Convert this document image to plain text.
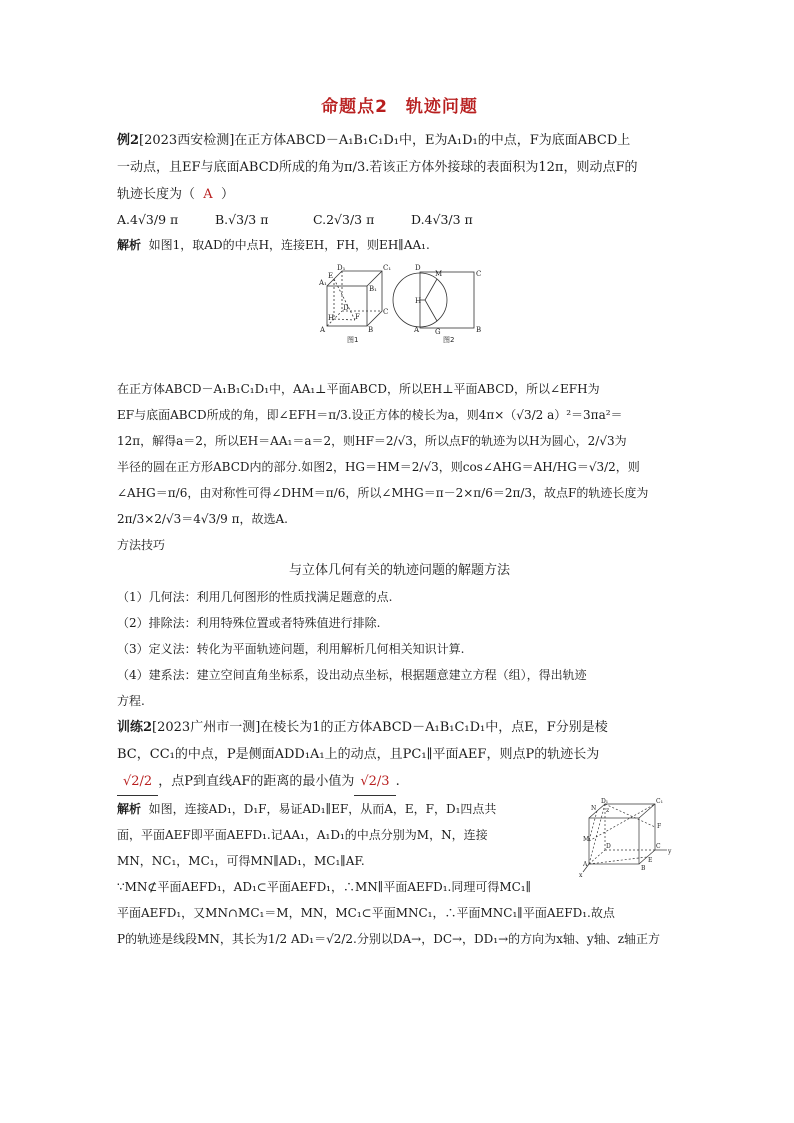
命题点2　轨迹问题

例2[2023西安检测]在正方体ABCD－A₁B₁C₁D₁中，E为A₁D₁的中点，F为底面ABCD上

一动点，且EF与底面ABCD所成的角为π/3.若该正方体外接球的表面积为12π，则动点F的

轨迹长度为（ A ）

A.4√3/9 π	B.√3/3 π	C.2√3/3 π	D.4√3/3 π

解析 如图1，取AD的中点H，连接EH，FH，则EH∥AA₁.

D₁
A₁
C₁
B₁
E
H
D	C
A	B
F
图1
D
M	C
H
A G	B
图2

在正方体ABCD－A₁B₁C₁D₁中，AA₁⊥平面ABCD，所以EH⊥平面ABCD，所以∠EFH为

EF与底面ABCD所成的角，即∠EFH＝π/3.设正方体的棱长为a，则4π×（√3/2 a）²＝3πa²＝

12π，解得a＝2，所以EH＝AA₁＝a＝2，则HF＝2/√3，所以点F的轨迹为以H为圆心，2/√3为

半径的圆在正方形ABCD内的部分.如图2，HG＝HM＝2/√3，则cos∠AHG＝AH/HG＝√3/2，则

∠AHG＝π/6，由对称性可得∠DHM＝π/6，所以∠MHG＝π－2×π/6＝2π/3，故点F的轨迹长度为

2π/3×2/√3＝4√3/9 π，故选A.

方法技巧

与立体几何有关的轨迹问题的解题方法

（1）几何法：利用几何图形的性质找满足题意的点.

（2）排除法：利用特殊位置或者特殊值进行排除.

（3）定义法：转化为平面轨迹问题，利用解析几何相关知识计算.

（4）建系法：建立空间直角坐标系，设出动点坐标，根据题意建立方程（组），得出轨迹

方程.

训练2[2023广州市一测]在棱长为1的正方体ABCD－A₁B₁C₁D₁中，点E，F分别是棱

BC，CC₁的中点，P是侧面ADD₁A₁上的动点，且PC₁∥平面AEF，则点P的轨迹长为

√2/2 ，点P到直线AF的距离的最小值为 √2/3 .

解析 如图，连接AD₁，D₁F，易证AD₁∥EF，从而A，E，F，D₁四点共

面，平面AEF即平面AEFD₁.记AA₁，A₁D₁的中点分别为M，N，连接

MN，NC₁，MC₁，可得MN∥AD₁，MC₁∥AF.

D₁	C₁
N
M
A
B
C
F
E
D
x
y
z

∵MN⊄平面AEFD₁，AD₁⊂平面AEFD₁，∴MN∥平面AEFD₁.同理可得MC₁∥

平面AEFD₁，又MN∩MC₁＝M，MN，MC₁⊂平面MNC₁，∴平面MNC₁∥平面AEFD₁.故点

P的轨迹是线段MN，其长为1/2 AD₁＝√2/2.分别以DA→，DC→，DD₁→的方向为x轴、y轴、z轴正方
